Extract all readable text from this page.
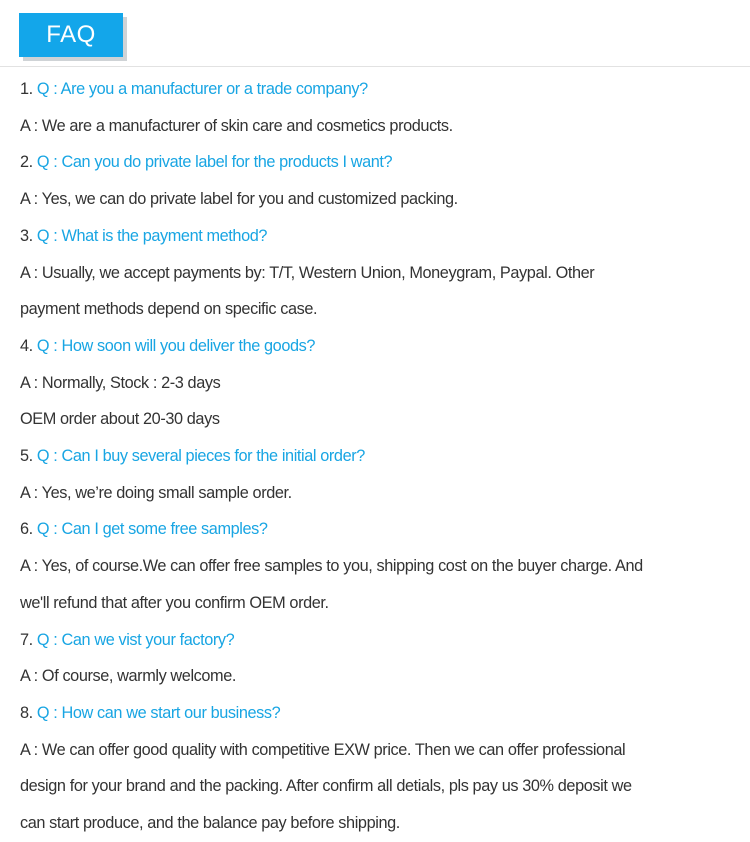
FAQ
1. Q : Are you a manufacturer or a trade company?
A : We are a manufacturer of skin care and cosmetics products.
2. Q : Can you do private label for the products I want?
A : Yes, we can do private label for you and customized packing.
3. Q : What is the payment method?
A : Usually, we accept payments by: T/T, Western Union, Moneygram, Paypal. Other
payment methods depend on specific case.
4. Q : How soon will you deliver the goods?
A : Normally, Stock : 2-3 days
OEM order about 20-30 days
5. Q : Can I buy several pieces for the initial order?
A : Yes, we’re doing small sample order.
6. Q : Can I get some free samples?
A : Yes, of course.We can offer free samples to you, shipping cost on the buyer charge. And
we'll refund that after you confirm OEM order.
7. Q : Can we vist your factory?
A : Of course, warmly welcome.
8. Q : How can we start our business?
A : We can offer good quality with competitive EXW price. Then we can offer professional
design for your brand and the packing. After confirm all detials, pls pay us 30% deposit we
can start produce, and the balance pay before shipping.
